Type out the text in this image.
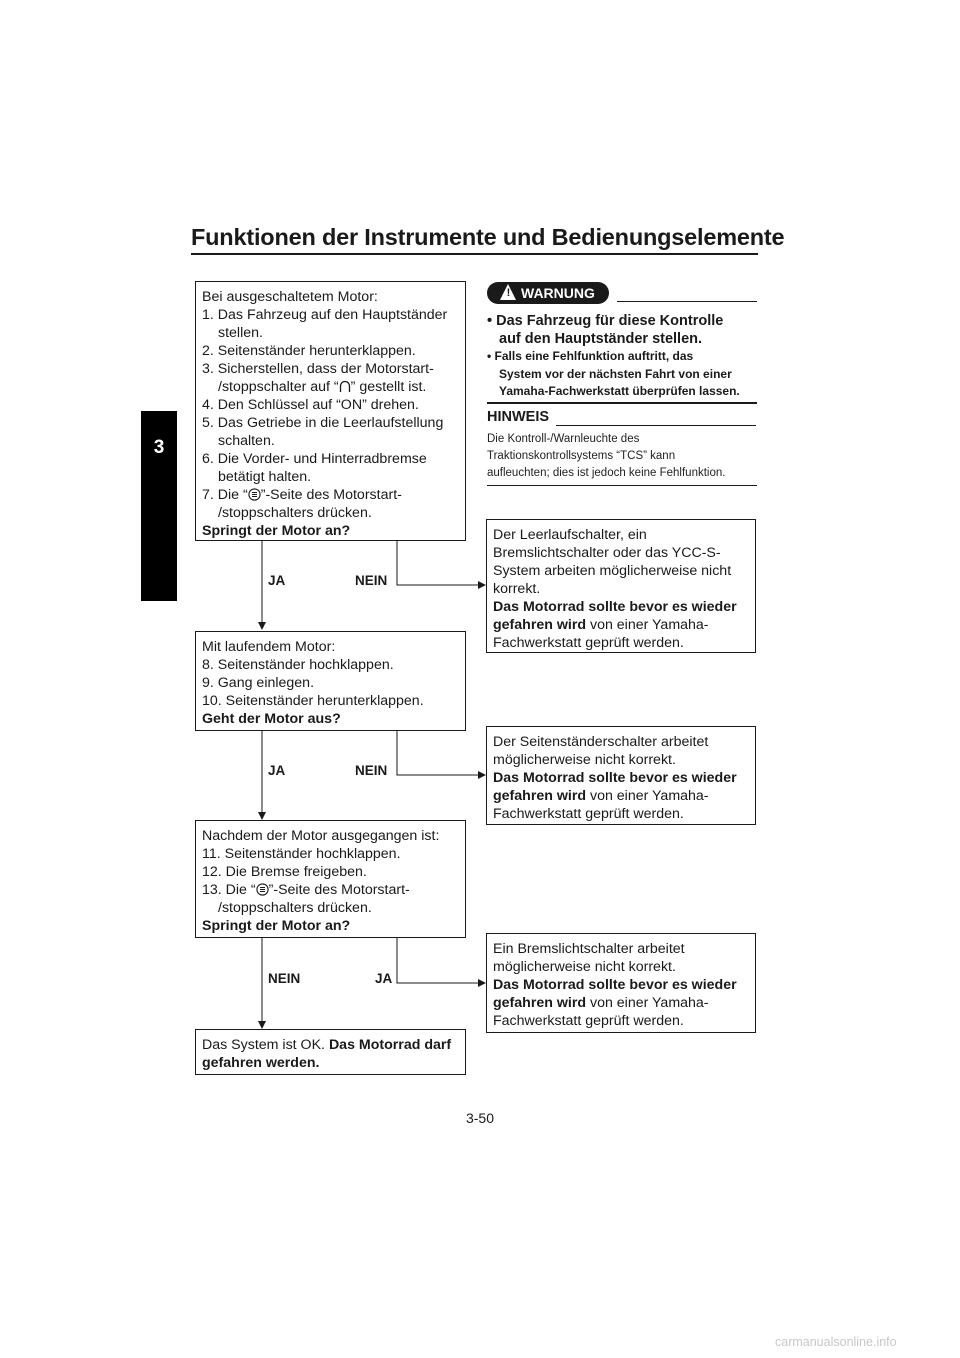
Funktionen der Instrumente und Bedienungselemente
3
Bei ausgeschaltetem Motor:
1. Das Fahrzeug auf den Hauptständer
stellen.
2. Seitenständer herunterklappen.
3. Sicherstellen, dass der Motorstart-
/stoppschalter auf “ ” gestellt ist.
4. Den Schlüssel auf “ON” drehen.
5. Das Getriebe in die Leerlaufstellung
schalten.
6. Die Vorder- und Hinterradbremse
betätigt halten.
7. Die “ ”-Seite des Motorstart-
/stoppschalters drücken.
Springt der Motor an?
JA	NEIN
Mit laufendem Motor:
8. Seitenständer hochklappen.
9. Gang einlegen.
10. Seitenständer herunterklappen.
Geht der Motor aus?
JA	NEIN
Nachdem der Motor ausgegangen ist:
11. Seitenständer hochklappen.
12. Die Bremse freigeben.
13. Die “ ”-Seite des Motorstart-
/stoppschalters drücken.
Springt der Motor an?
NEIN	JA
Das System ist OK. Das Motorrad darf
gefahren werden.
Der Leerlaufschalter, ein
Bremslichtschalter oder das YCC-S-
System arbeiten möglicherweise nicht
korrekt.
Das Motorrad sollte bevor es wieder
gefahren wird von einer Yamaha-
Fachwerkstatt geprüft werden.
Der Seitenständerschalter arbeitet
möglicherweise nicht korrekt.
Das Motorrad sollte bevor es wieder
gefahren wird von einer Yamaha-
Fachwerkstatt geprüft werden.
Ein Bremslichtschalter arbeitet
möglicherweise nicht korrekt.
Das Motorrad sollte bevor es wieder
gefahren wird von einer Yamaha-
Fachwerkstatt geprüft werden.
! WARNUNG
• Das Fahrzeug für diese Kontrolle
auf den Hauptständer stellen.
• Falls eine Fehlfunktion auftritt, das
System vor der nächsten Fahrt von einer
Yamaha-Fachwerkstatt überprüfen lassen.
HINWEIS
Die Kontroll-/Warnleuchte des
Traktionskontrollsystems “TCS” kann
aufleuchten; dies ist jedoch keine Fehlfunktion.
3-50
carmanualsonline.info
